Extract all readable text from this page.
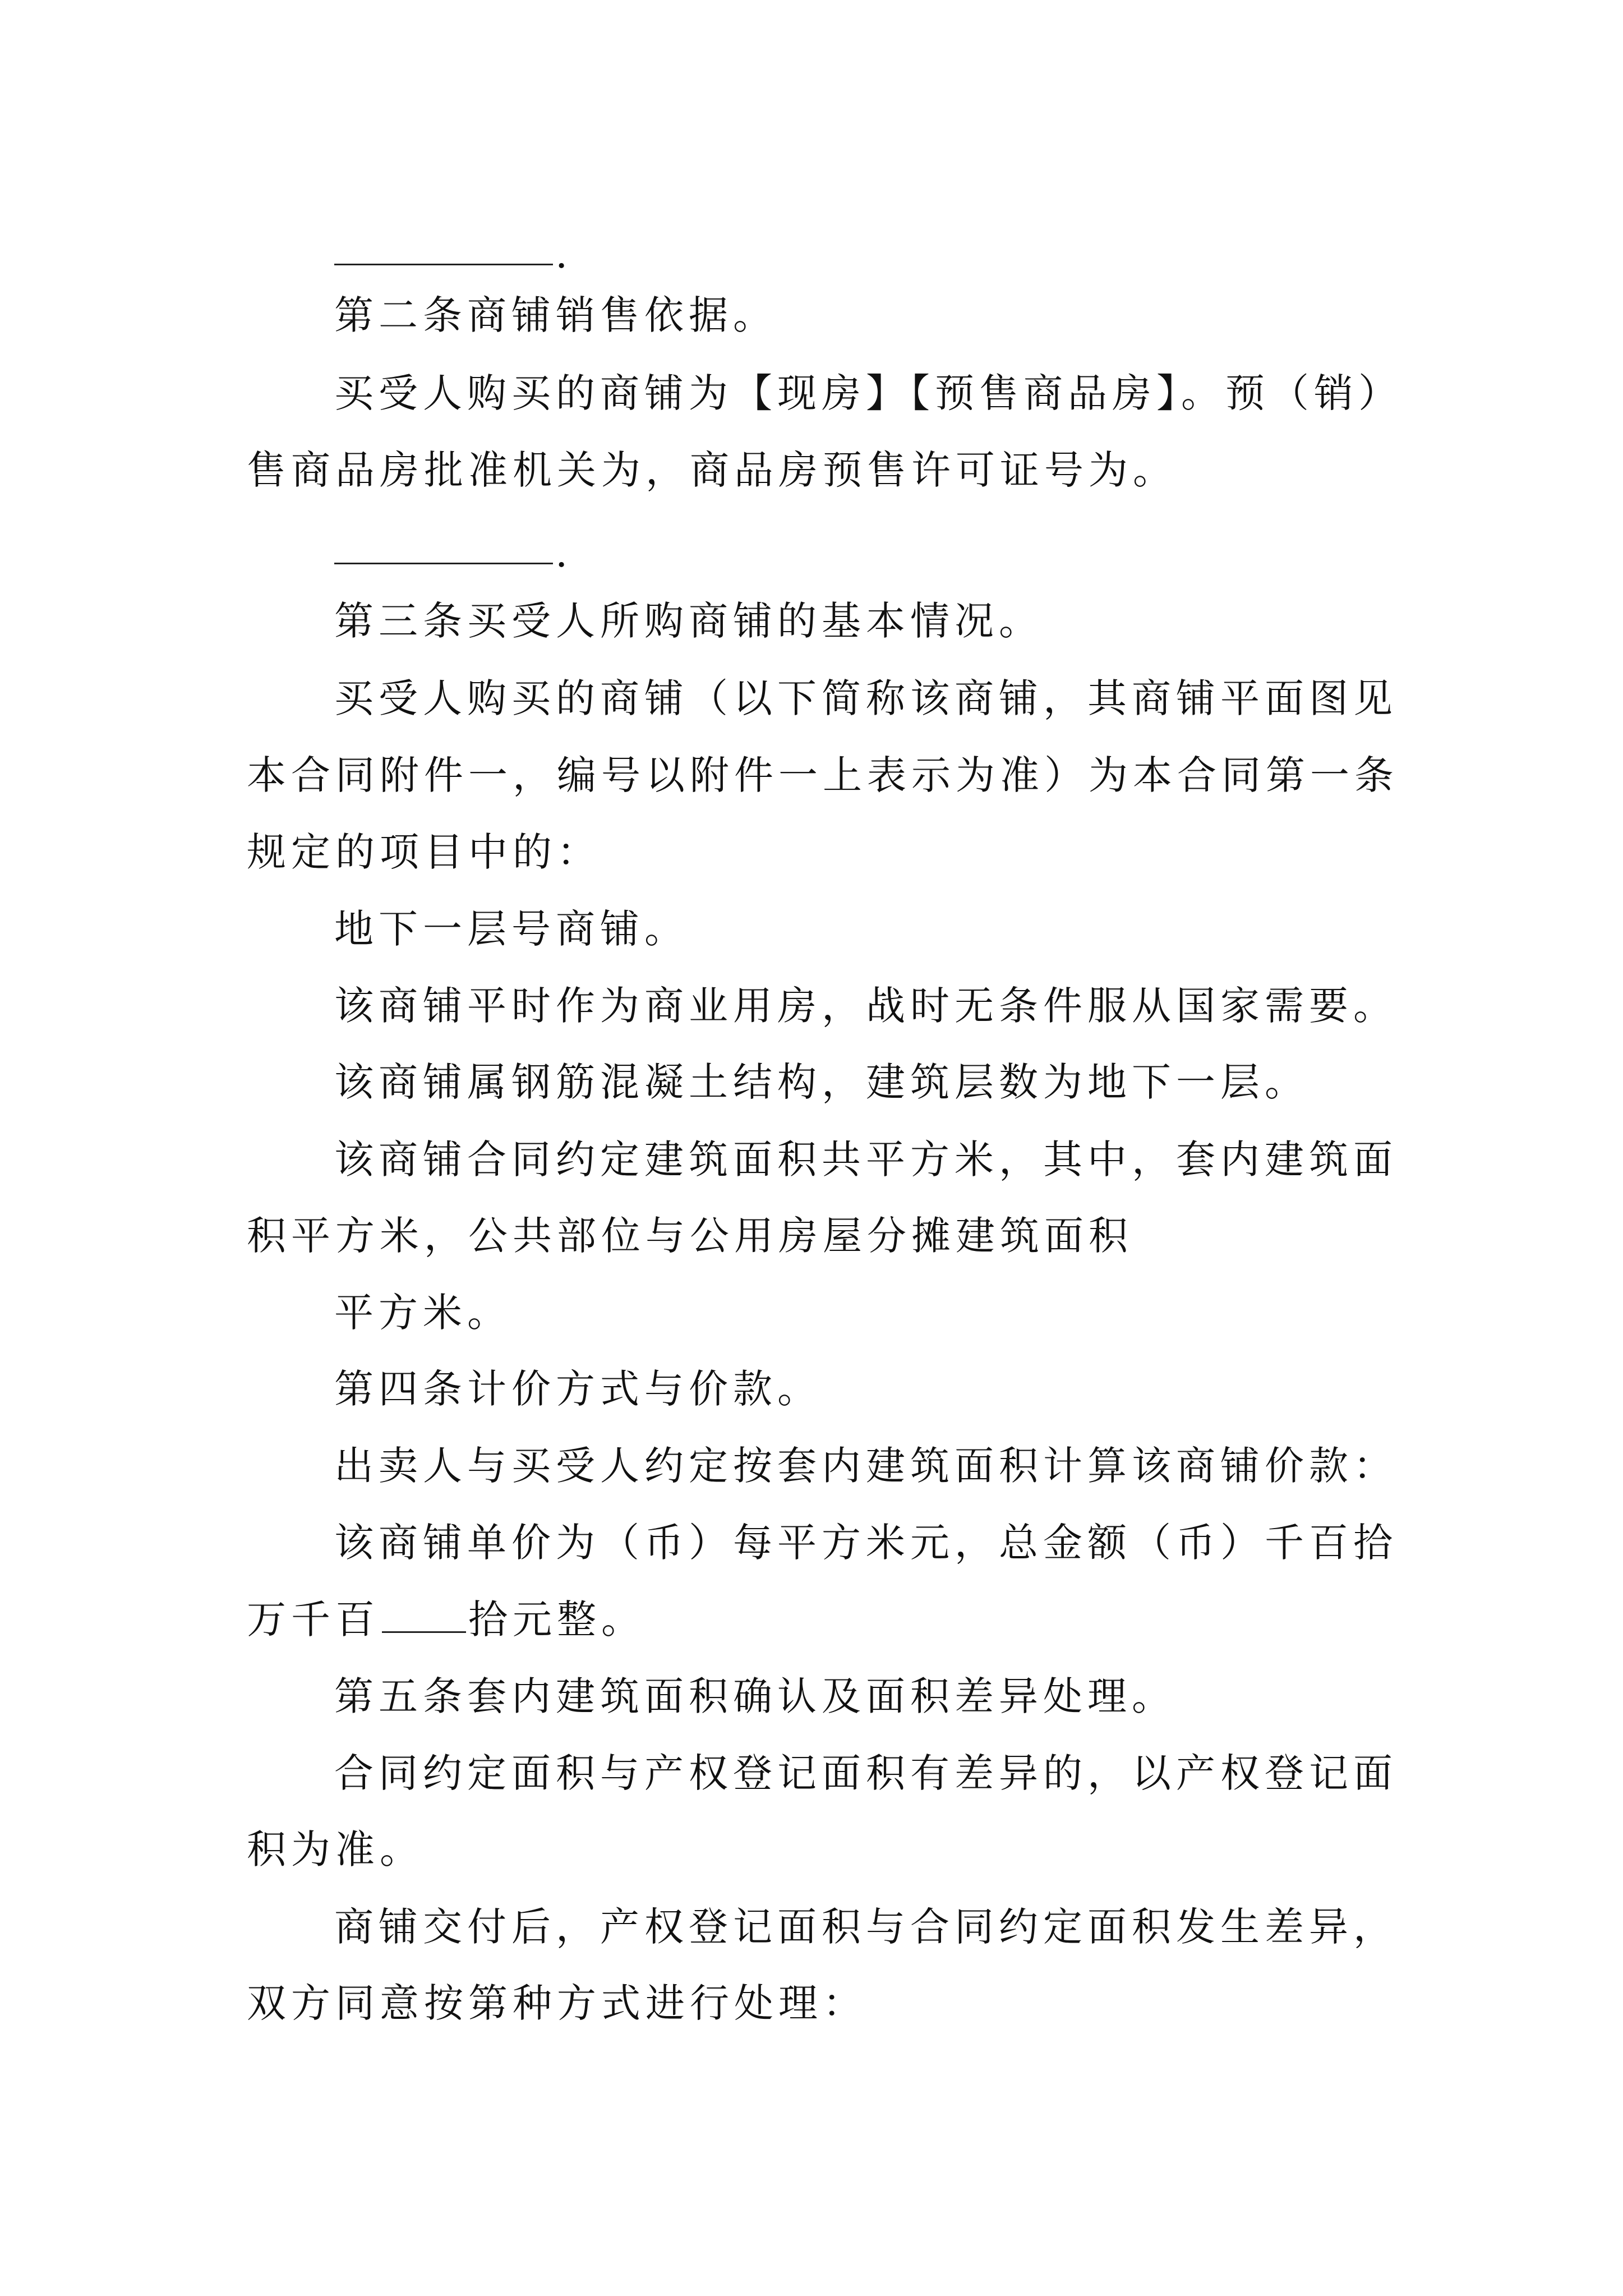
.
第二条商铺销售依据。
买受人购买的商铺为【现房】【预售商品房】。预（销）
售商品房批准机关为，商品房预售许可证号为。
.
第三条买受人所购商铺的基本情况。
买受人购买的商铺（以下简称该商铺，其商铺平面图见
本合同附件一，编号以附件一上表示为准）为本合同第一条
规定的项目中的：
地下一层号商铺。
该商铺平时作为商业用房，战时无条件服从国家需要。
该商铺属钢筋混凝土结构，建筑层数为地下一层。
该商铺合同约定建筑面积共平方米，其中，套内建筑面
积平方米，公共部位与公用房屋分摊建筑面积
平方米。
第四条计价方式与价款。
出卖人与买受人约定按套内建筑面积计算该商铺价款：
该商铺单价为（币）每平方米元，总金额（币）千百拾
万千百 拾元整。
第五条套内建筑面积确认及面积差异处理。
合同约定面积与产权登记面积有差异的，以产权登记面
积为准。
商铺交付后，产权登记面积与合同约定面积发生差异，
双方同意按第种方式进行处理：
